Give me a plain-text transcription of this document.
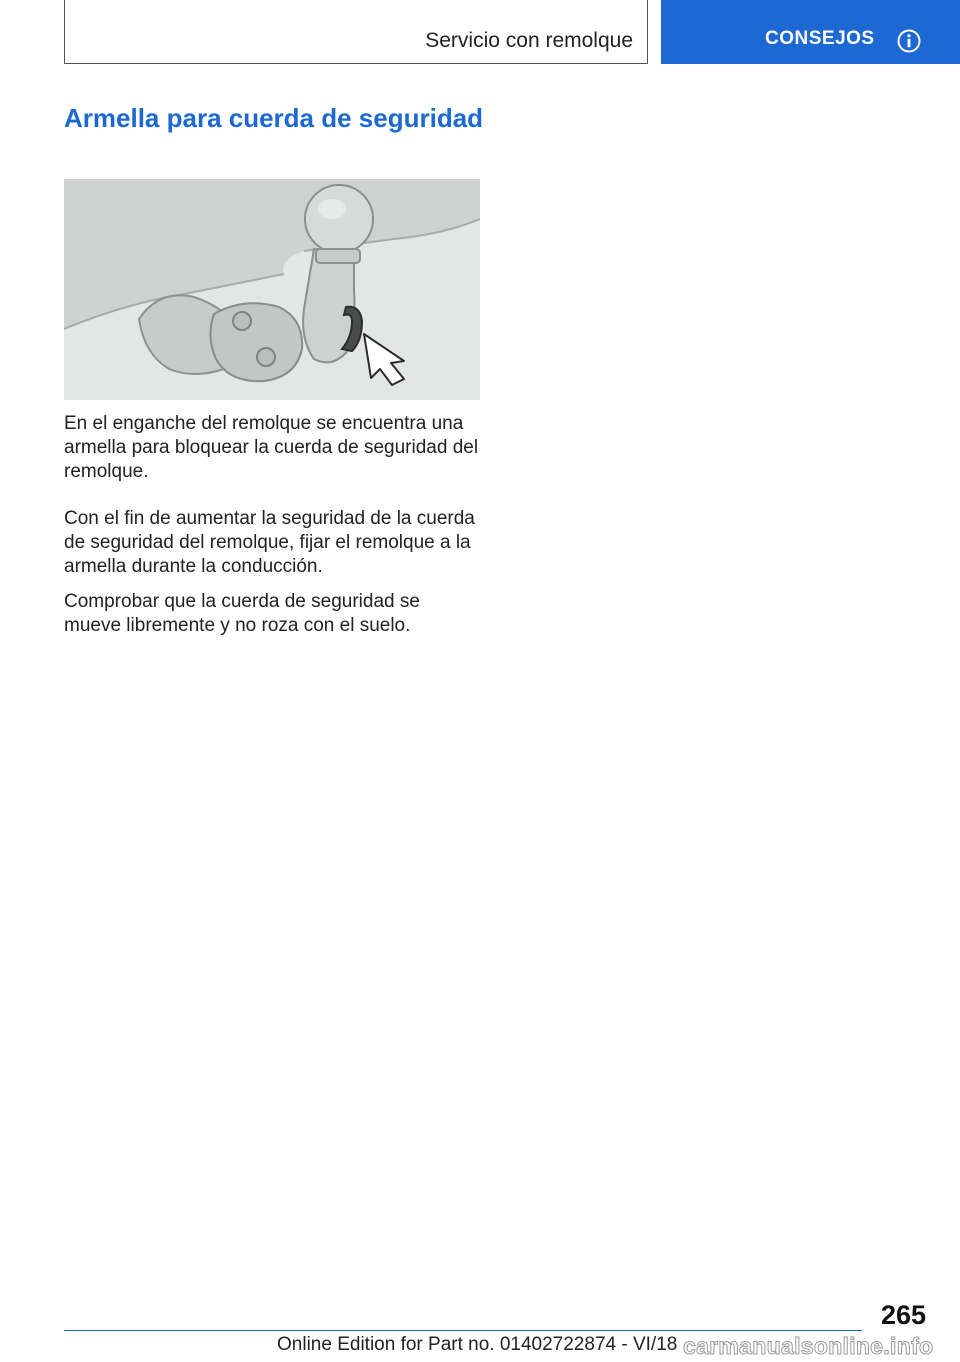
Servicio con remolque	CONSEJOS
Armella para cuerda de seguridad

En el enganche del remolque se encuentra una armella para bloquear la cuerda de seguridad del remolque.

Con el fin de aumentar la seguridad de la cuerda de seguridad del remolque, fijar el remolque a la armella durante la conducción.

Comprobar que la cuerda de seguridad se mueve libremente y no roza con el suelo.

265
Online Edition for Part no. 01402722874 - VI/18 carmanualsonline.info
